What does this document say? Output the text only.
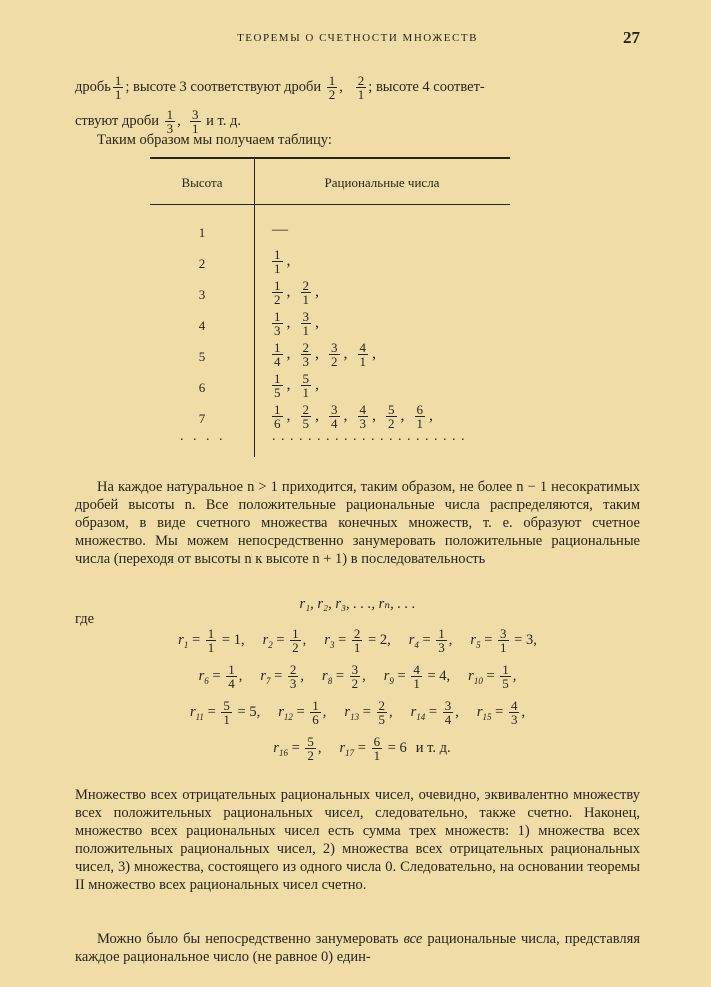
ТЕОРЕМЫ О СЧЕТНОСТИ МНОЖЕСТВ	27
дробь $\frac{1}{1}$ ; высоте 3 соответствуют дроби $\frac{1}{2}$ , $\frac{2}{1}$ ; высоте 4 соответ-
ствуют дроби $\frac{1}{3}$ , $\frac{3}{1}$ и т. д.
Таким образом мы получаем таблицу:
Высота	Рациональные числа
. . . .	. . . . . . . . . . . . . . . . . . . . . .
1	—
2	$\frac{1}{1}$ ,
3	$\frac{1}{2}$ , $\frac{2}{1}$ ,
4	$\frac{1}{3}$ , $\frac{3}{1}$ ,
5	$\frac{1}{4}$ , $\frac{2}{3}$ , $\frac{3}{2}$ , $\frac{4}{1}$ ,
6	$\frac{1}{5}$ , $\frac{5}{1}$ ,
7	$\frac{1}{6}$ , $\frac{2}{5}$ , $\frac{3}{4}$ , $\frac{4}{3}$ , $\frac{5}{2}$ , $\frac{6}{1}$ ,
На каждое натуральное n > 1 приходится, таким образом, не более n − 1 несократимых дробей высоты n. Все положительные рациональные числа распределяются, таким образом, в виде счетного множества конечных множеств, т. е. образуют счетное множество. Мы можем непосредственно занумеровать положительные рациональные числа (переходя от высоты n к высоте n + 1) в последовательность
r₁, r₂, r₃, . . ., rₙ, . . .
где
$r_1 = \frac{1}{1} = 1$, $r_2 = \frac{1}{2}$ , $r_3 = \frac{2}{1} = 2$, $r_4 = \frac{1}{3}$ , $r_5 = \frac{3}{1} = 3$,
$r_6 = \frac{1}{4}$ , $r_7 = \frac{2}{3}$ , $r_8 = \frac{3}{2}$ , $r_9 = \frac{4}{1} = 4$, $r_{10} = \frac{1}{5}$ ,
$r_{11} = \frac{5}{1} = 5$, $r_{12} = \frac{1}{6}$ , $r_{13} = \frac{2}{5}$ , $r_{14} = \frac{3}{4}$ , $r_{15} = \frac{4}{3}$ ,
$r_{16} = \frac{5}{2}$ , $r_{17} = \frac{6}{1} = 6$ и т. д.
Множество всех отрицательных рациональных чисел, очевидно, эквивалентно множеству всех положительных рациональных чисел, следовательно, также счетно. Наконец, множество всех рациональных чисел есть сумма трех множеств: 1) множества всех положительных рациональных чисел, 2) множества всех отрицательных рациональных чисел, 3) множества, состоящего из одного числа 0. Следовательно, на основании теоремы II множество всех рациональных чисел счетно.
Можно было бы непосредственно занумеровать все рациональные числа, представляя каждое рациональное число (не равное 0) един-
